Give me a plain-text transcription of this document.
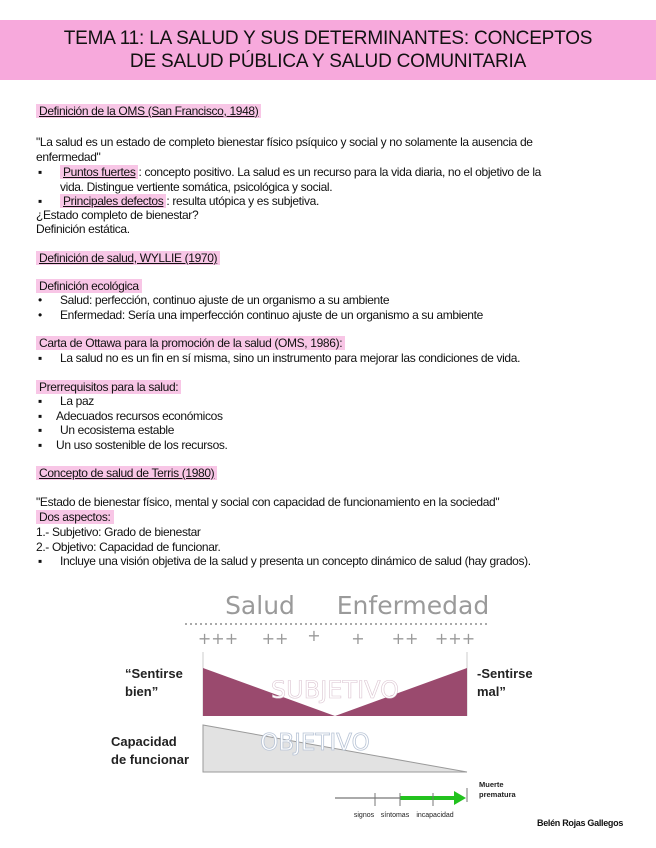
TEMA 11: LA SALUD Y SUS DETERMINANTES: CONCEPTOS
DE SALUD PÚBLICA Y SALUD COMUNITARIA
Definición de la OMS (San Francisco, 1948)
"La salud es un estado de completo bienestar físico psíquico y social y no solamente la ausencia de
enfermedad"
▪ Puntos fuertes : concepto positivo. La salud es un recurso para la vida diaria, no el objetivo de la
vida. Distingue vertiente somática, psicológica y social.
▪ Principales defectos : resulta utópica y es subjetiva.
¿Estado completo de bienestar?
Definición estática.
Definición de salud, WYLLIE (1970)
Definición ecológica
• Salud: perfección, continuo ajuste de un organismo a su ambiente
• Enfermedad: Sería una imperfección continuo ajuste de un organismo a su ambiente
Carta de Ottawa para la promoción de la salud (OMS, 1986):
▪ La salud no es un fin en sí misma, sino un instrumento para mejorar las condiciones de vida.
Prerrequisitos para la salud:
▪ La paz
▪ Adecuados recursos económicos
▪ Un ecosistema estable
▪ Un uso sostenible de los recursos.
Concepto de salud de Terris (1980)
"Estado de bienestar físico, mental y social con capacidad de funcionamiento en la sociedad"
Dos aspectos:
1.- Subjetivo: Grado de bienestar
2.- Objetivo: Capacidad de funcionar.
▪ Incluye una visión objetiva de la salud y presenta un concepto dinámico de salud (hay grados).
Salud Enfermedad
+++ ++ + + ++ +++
SUBJETIVO
“Sentirse
bien”
-Sentirse
mal”
OBJETIVO
Capacidad
de funcionar
Muerte
prematura
signos síntomas incapacidad
Belén Rojas Gallegos
